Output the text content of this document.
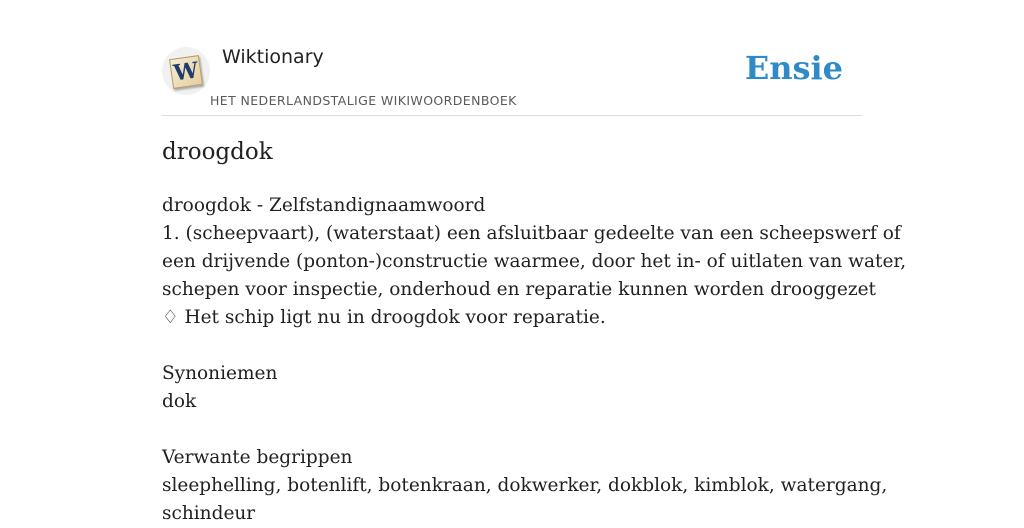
W
Wiktionary
HET NEDERLANDSTALIGE WIKIWOORDENBOEK
Ensie
droogdok
droogdok - Zelfstandignaamwoord
1. (scheepvaart), (waterstaat) een afsluitbaar gedeelte van een scheepswerf of
een drijvende (ponton-)constructie waarmee, door het in- of uitlaten van water,
schepen voor inspectie, onderhoud en reparatie kunnen worden drooggezet
♢ Het schip ligt nu in droogdok voor reparatie.
Synoniemen
dok
Verwante begrippen
sleephelling, botenlift, botenkraan, dokwerker, dokblok, kimblok, watergang,
schindeur
